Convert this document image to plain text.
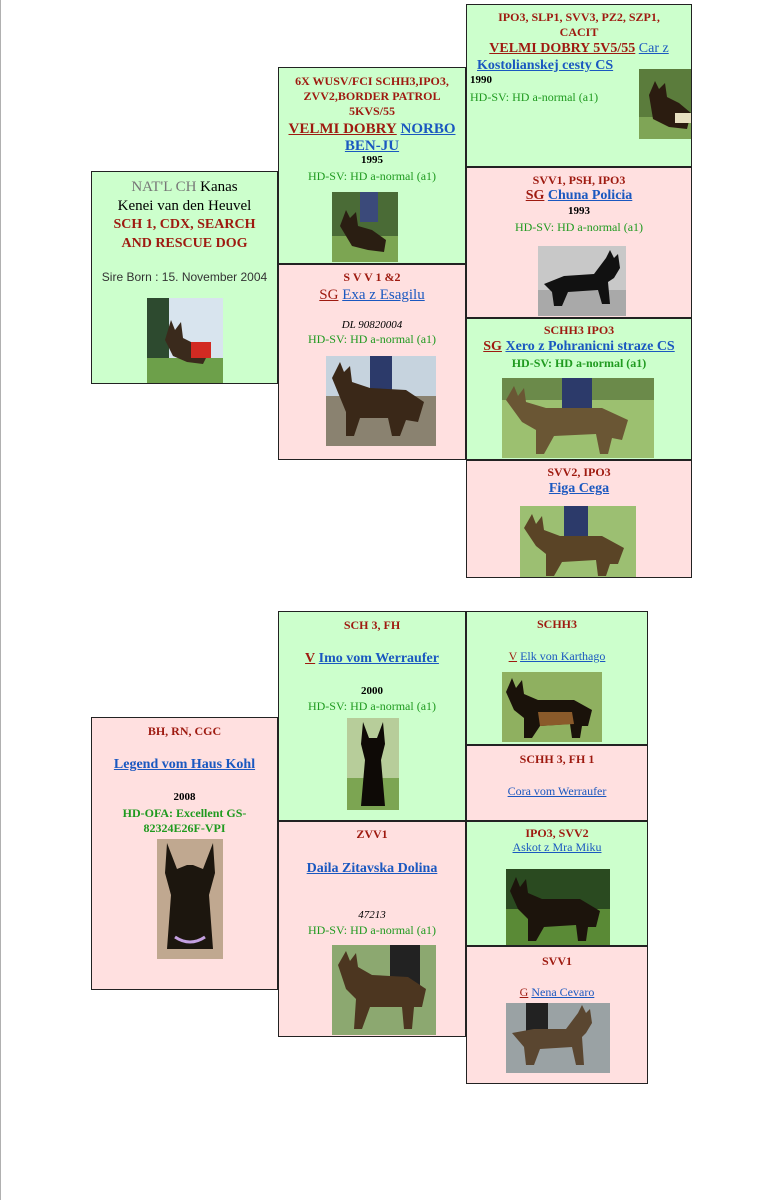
NAT'L CH Kanas
Kenei van den Heuvel
SCH 1, CDX, SEARCH
AND RESCUE DOG
Sire Born : 15. November 2004
6X WUSV/FCI SCHH3,IPO3,
ZVV2,BORDER PATROL
5KVS/55
VELMI DOBRY NORBO
BEN-JU
1995
HD-SV: HD a-normal (a1)
S V V 1 &2
SG Exa z Esagilu
DL 90820004
HD-SV: HD a-normal (a1)
IPO3, SLP1, SVV3, PZ2, SZP1,
CACIT
VELMI DOBRY 5V5/55 Car z
Kostolianskej cesty CS
1990
HD-SV: HD a-normal (a1)
SVV1, PSH, IPO3
SG Chuna Policia
1993
HD-SV: HD a-normal (a1)
SCHH3 IPO3
SG Xero z Pohranicni straze CS
HD-SV: HD a-normal (a1)
SVV2, IPO3
Figa Cega
BH, RN, CGC
Legend vom Haus Kohl
2008
HD-OFA: Excellent GS-
82324E26F-VPI
SCH 3, FH
V Imo vom Werraufer
2000
HD-SV: HD a-normal (a1)
ZVV1
Daila Zitavska Dolina
47213
HD-SV: HD a-normal (a1)
SCHH3
V Elk von Karthago
SCHH 3, FH 1
Cora vom Werraufer
IPO3, SVV2
Askot z Mra Miku
SVV1
G Nena Cevaro
